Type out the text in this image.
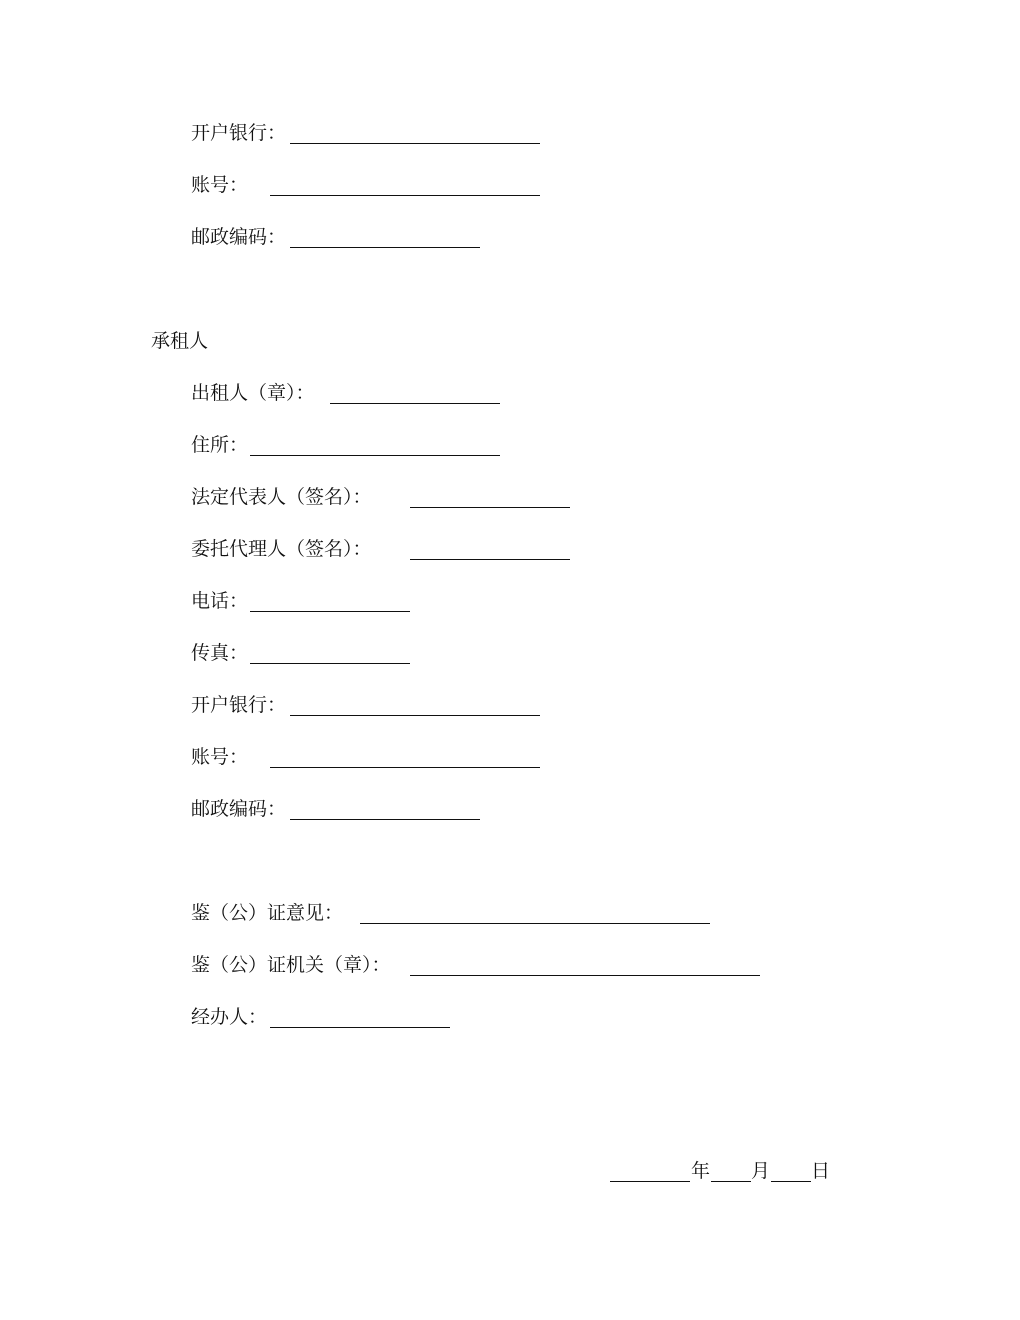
开户银行：
账号：
邮政编码：
承租人
出租人（章）：
住所：
法定代表人（签名）：
委托代理人（签名）：
电话：
传真：
开户银行：
账号：
邮政编码：
鉴（公）证意见：
鉴（公）证机关（章）：
经办人：
年 月 日
